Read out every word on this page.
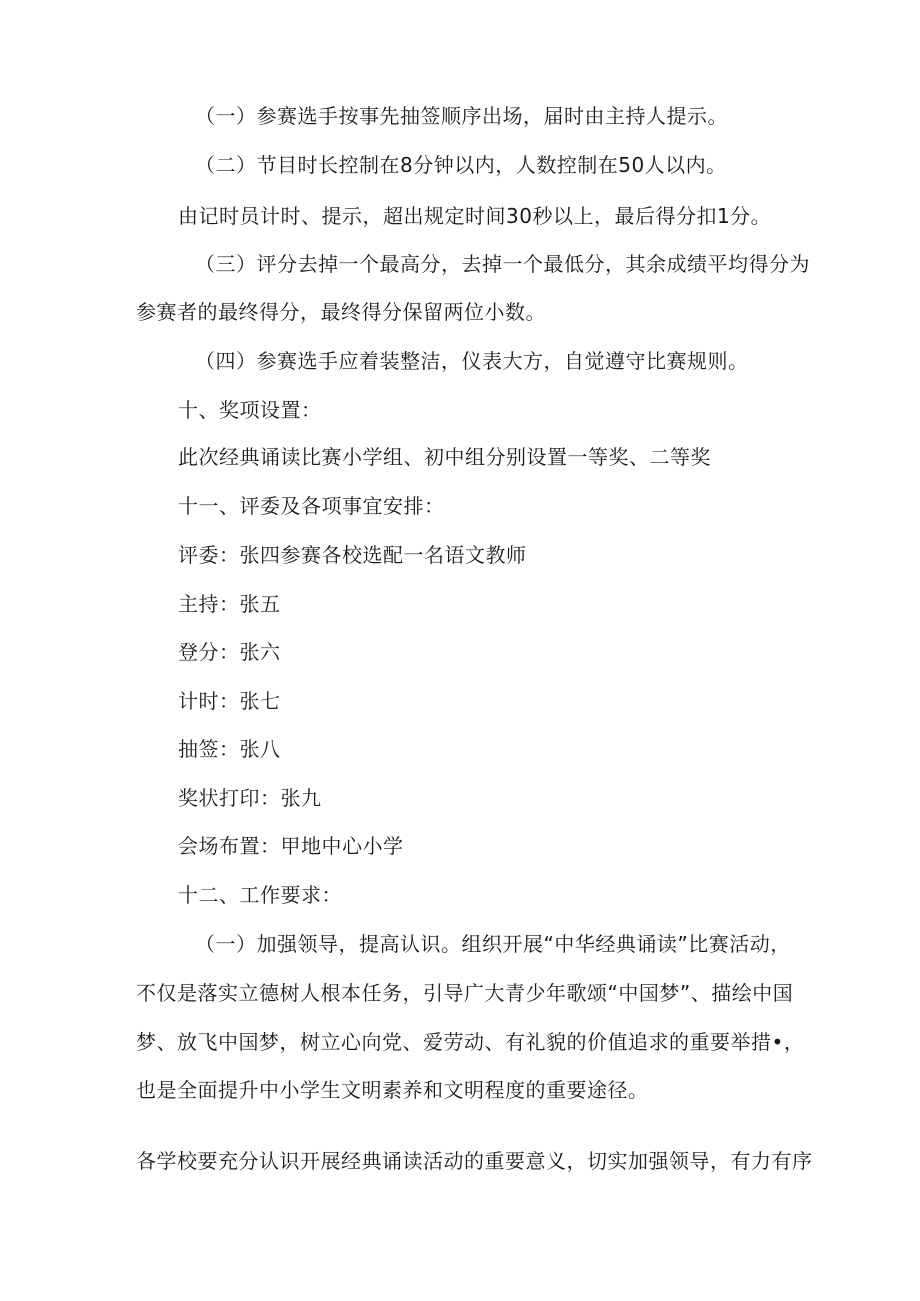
（一）参赛选手按事先抽签顺序出场，届时由主持人提示。
（二）节目时长控制在8分钟以内，人数控制在50人以内。
由记时员计时、提示，超出规定时间30秒以上，最后得分扣1分。
（三）评分去掉一个最高分，去掉一个最低分，其余成绩平均得分为
参赛者的最终得分，最终得分保留两位小数。
（四）参赛选手应着装整洁，仪表大方，自觉遵守比赛规则。
十、奖项设置：
此次经典诵读比赛小学组、初中组分别设置一等奖、二等奖
十一、评委及各项事宜安排：
评委：张四参赛各校选配一名语文教师
主持：张五
登分：张六
计时：张七
抽签：张八
奖状打印：张九
会场布置：甲地中心小学
十二、工作要求：
（一）加强领导，提高认识。组织开展“中华经典诵读”比赛活动，
不仅是落实立德树人根本任务，引导广大青少年歌颂“中国梦”、描绘中国
梦、放飞中国梦，树立心向党、爱劳动、有礼貌的价值追求的重要举措•，
也是全面提升中小学生文明素养和文明程度的重要途径。
各学校要充分认识开展经典诵读活动的重要意义，切实加强领导，有力有序
